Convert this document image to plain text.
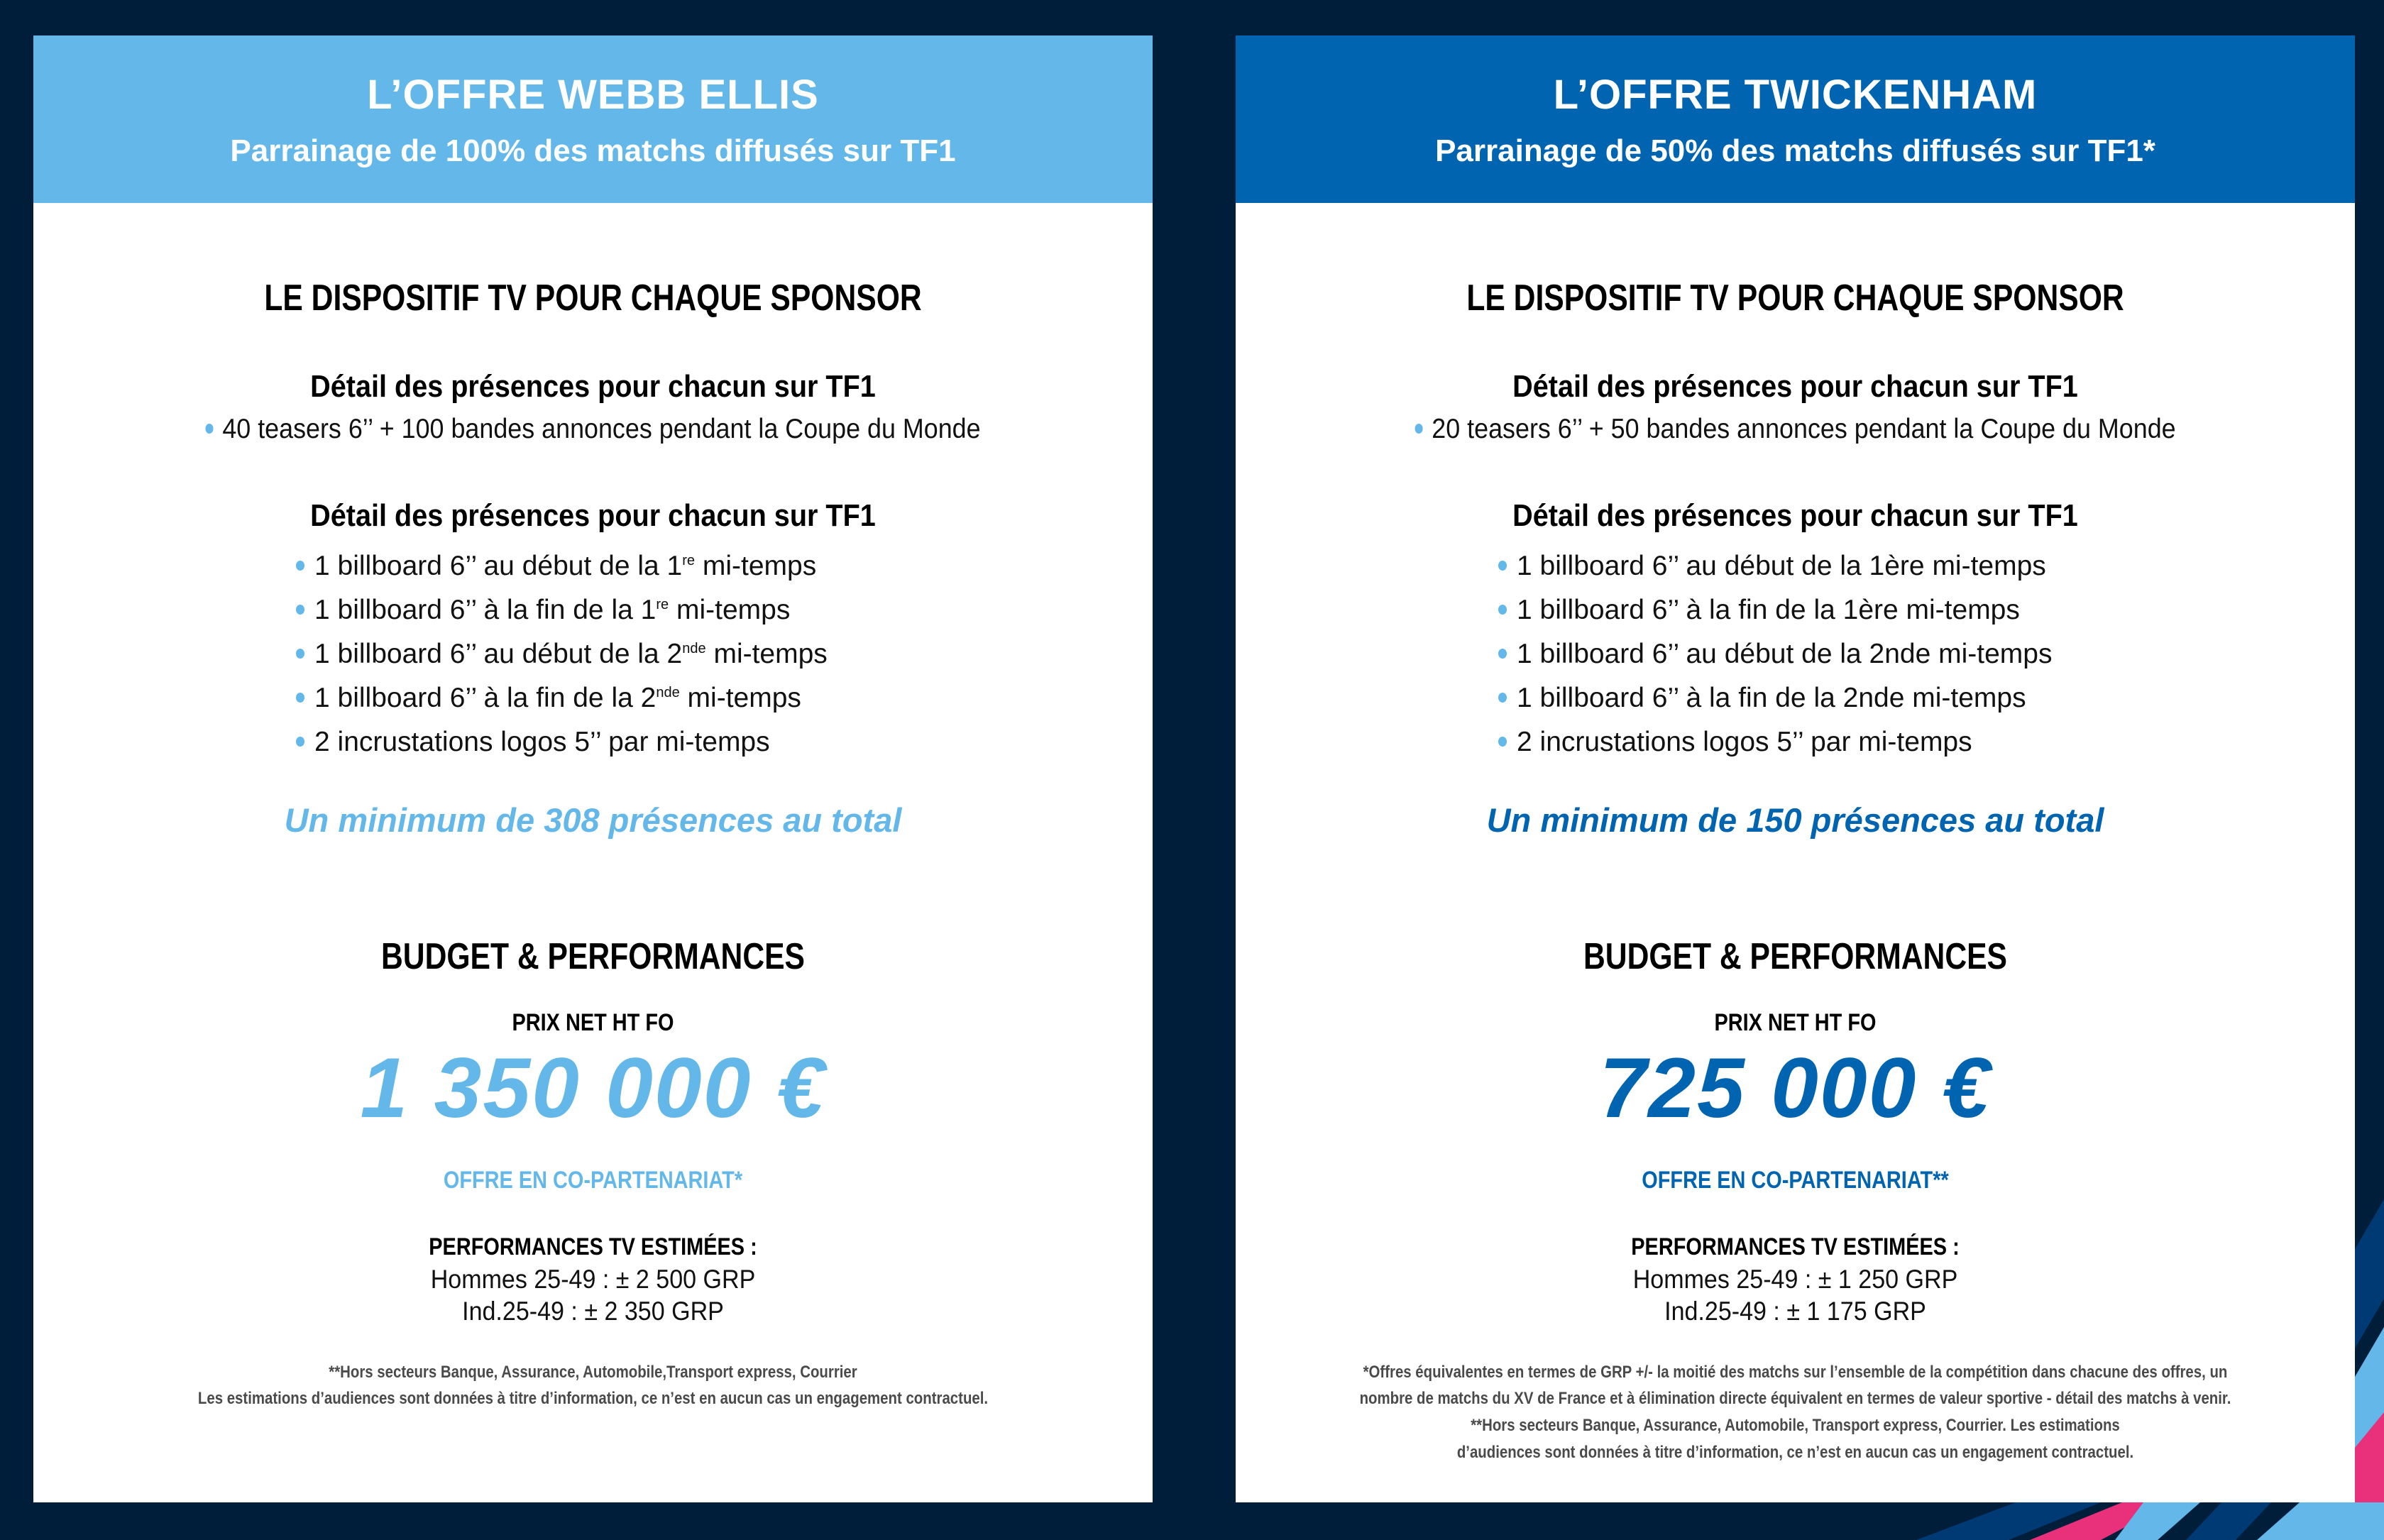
L’OFFRE WEBB ELLIS
Parrainage de 100% des matchs diffusés sur TF1
LE DISPOSITIF TV POUR CHAQUE SPONSOR
Détail des présences pour chacun sur TF1
40 teasers 6’’ + 100 bandes annonces pendant la Coupe du Monde
Détail des présences pour chacun sur TF1
1 billboard 6’’ au début de la 1re mi-temps
1 billboard 6’’ à la fin de la 1re mi-temps
1 billboard 6’’ au début de la 2nde mi-temps
1 billboard 6’’ à la fin de la 2nde mi-temps
2 incrustations logos 5’’ par mi-temps
Un minimum de 308 présences au total
BUDGET & PERFORMANCES
PRIX NET HT FO
1 350 000 €
OFFRE EN CO-PARTENARIAT*
PERFORMANCES TV ESTIMÉES :
Hommes 25-49 : ± 2 500 GRP
Ind.25-49 : ± 2 350 GRP
**Hors secteurs Banque, Assurance, Automobile,Transport express, Courrier
Les estimations d’audiences sont données à titre d’information, ce n’est en aucun cas un engagement contractuel.
L’OFFRE TWICKENHAM
Parrainage de 50% des matchs diffusés sur TF1*
LE DISPOSITIF TV POUR CHAQUE SPONSOR
Détail des présences pour chacun sur TF1
20 teasers 6’’ + 50 bandes annonces pendant la Coupe du Monde
Détail des présences pour chacun sur TF1
1 billboard 6’’ au début de la 1ère mi-temps
1 billboard 6’’ à la fin de la 1ère mi-temps
1 billboard 6’’ au début de la 2nde mi-temps
1 billboard 6’’ à la fin de la 2nde mi-temps
2 incrustations logos 5’’ par mi-temps
Un minimum de 150 présences au total
BUDGET & PERFORMANCES
PRIX NET HT FO
725 000 €
OFFRE EN CO-PARTENARIAT**
PERFORMANCES TV ESTIMÉES :
Hommes 25-49 : ± 1 250 GRP
Ind.25-49 : ± 1 175 GRP
*Offres équivalentes en termes de GRP +/- la moitié des matchs sur l’ensemble de la compétition dans chacune des offres, un
nombre de matchs du XV de France et à élimination directe équivalent en termes de valeur sportive - détail des matchs à venir.
**Hors secteurs Banque, Assurance, Automobile, Transport express, Courrier. Les estimations
d’audiences sont données à titre d’information, ce n’est en aucun cas un engagement contractuel.
